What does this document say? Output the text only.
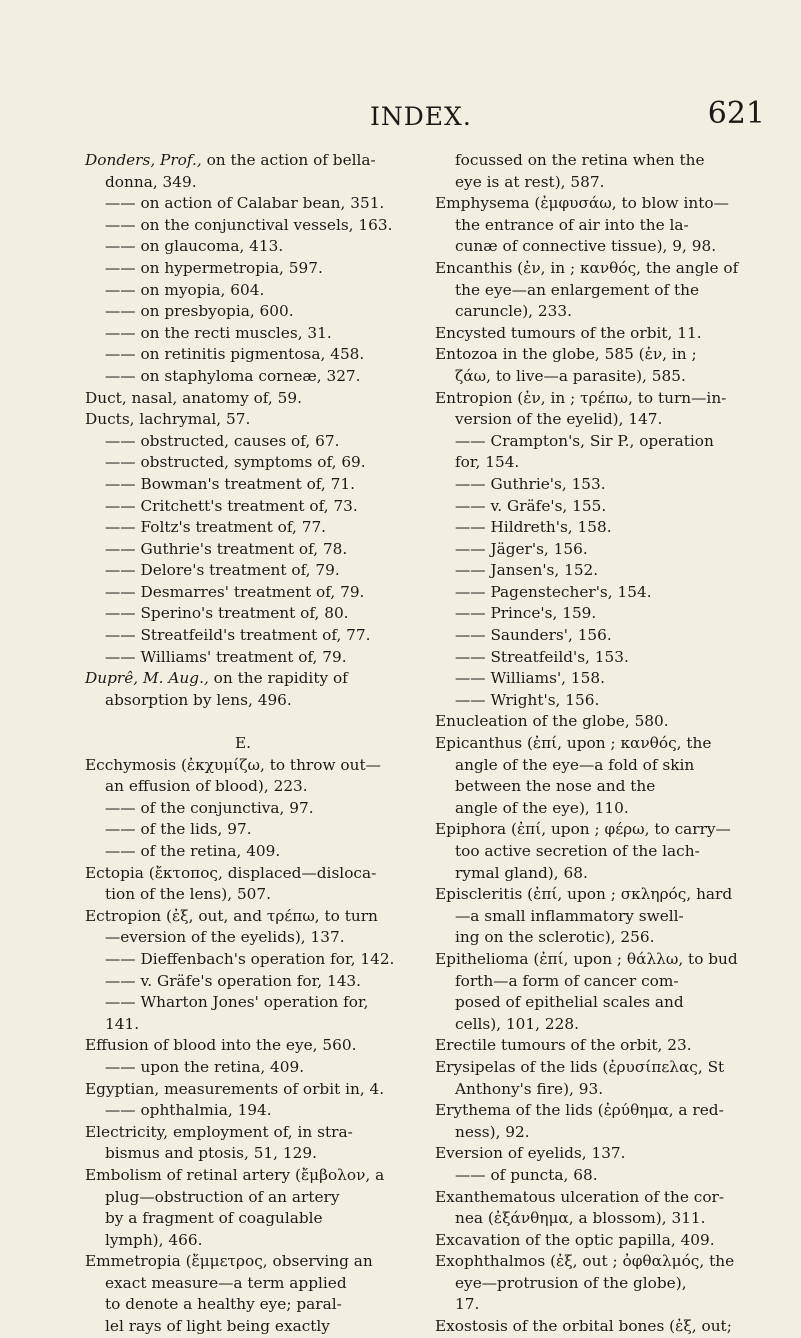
INDEX.	621
Donders, Prof., on the action of bella-
donna, 349.
—— on action of Calabar bean, 351.
—— on the conjunctival vessels, 163.
—— on glaucoma, 413.
—— on hypermetropia, 597.
—— on myopia, 604.
—— on presbyopia, 600.
—— on the recti muscles, 31.
—— on retinitis pigmentosa, 458.
—— on staphyloma corneæ, 327.
Duct, nasal, anatomy of, 59.
Ducts, lachrymal, 57.
—— obstructed, causes of, 67.
—— obstructed, symptoms of, 69.
—— Bowman's treatment of, 71.
—— Critchett's treatment of, 73.
—— Foltz's treatment of, 77.
—— Guthrie's treatment of, 78.
—— Delore's treatment of, 79.
—— Desmarres' treatment of, 79.
—— Sperino's treatment of, 80.
—— Streatfeild's treatment of, 77.
—— Williams' treatment of, 79.
Duprê, M. Aug., on the rapidity of
absorption by lens, 496.
E.
Ecchymosis (ἐκχυμίζω, to throw out—
an effusion of blood), 223.
—— of the conjunctiva, 97.
—— of the lids, 97.
—— of the retina, 409.
Ectopia (ἔκτοπος, displaced—disloca-
tion of the lens), 507.
Ectropion (ἐξ, out, and τρέπω, to turn
—eversion of the eyelids), 137.
—— Dieffenbach's operation for, 142.
—— v. Gräfe's operation for, 143.
—— Wharton Jones' operation for,
141.
Effusion of blood into the eye, 560.
—— upon the retina, 409.
Egyptian, measurements of orbit in, 4.
—— ophthalmia, 194.
Electricity, employment of, in stra-
bismus and ptosis, 51, 129.
Embolism of retinal artery (ἔμβολον, a
plug—obstruction of an artery
by a fragment of coagulable
lymph), 466.
Emmetropia (ἔμμετρος, observing an
exact measure—a term applied
to denote a healthy eye; paral-
lel rays of light being exactly
focussed on the retina when the
eye is at rest), 587.
Emphysema (ἐμφυσάω, to blow into—
the entrance of air into the la-
cunæ of connective tissue), 9, 98.
Encanthis (ἐν, in ; κανθός, the angle of
the eye—an enlargement of the
caruncle), 233.
Encysted tumours of the orbit, 11.
Entozoa in the globe, 585 (ἐν, in ;
ζάω, to live—a parasite), 585.
Entropion (ἐν, in ; τρέπω, to turn—in-
version of the eyelid), 147.
—— Crampton's, Sir P., operation
for, 154.
—— Guthrie's, 153.
—— v. Gräfe's, 155.
—— Hildreth's, 158.
—— Jäger's, 156.
—— Jansen's, 152.
—— Pagenstecher's, 154.
—— Prince's, 159.
—— Saunders', 156.
—— Streatfeild's, 153.
—— Williams', 158.
—— Wright's, 156.
Enucleation of the globe, 580.
Epicanthus (ἐπί, upon ; κανθός, the
angle of the eye—a fold of skin
between the nose and the
angle of the eye), 110.
Epiphora (ἐπί, upon ; φέρω, to carry—
too active secretion of the lach-
rymal gland), 68.
Episcleritis (ἐπί, upon ; σκληρός, hard
—a small inflammatory swell-
ing on the sclerotic), 256.
Epithelioma (ἐπί, upon ; θάλλω, to bud
forth—a form of cancer com-
posed of epithelial scales and
cells), 101, 228.
Erectile tumours of the orbit, 23.
Erysipelas of the lids (ἐρυσίπελας, St
Anthony's fire), 93.
Erythema of the lids (ἐρύθημα, a red-
ness), 92.
Eversion of eyelids, 137.
—— of puncta, 68.
Exanthematous ulceration of the cor-
nea (ἐξάνθημα, a blossom), 311.
Excavation of the optic papilla, 409.
Exophthalmos (ἐξ, out ; ὀφθαλμός, the
eye—protrusion of the globe),
17.
Exostosis of the orbital bones (ἐξ, out;
